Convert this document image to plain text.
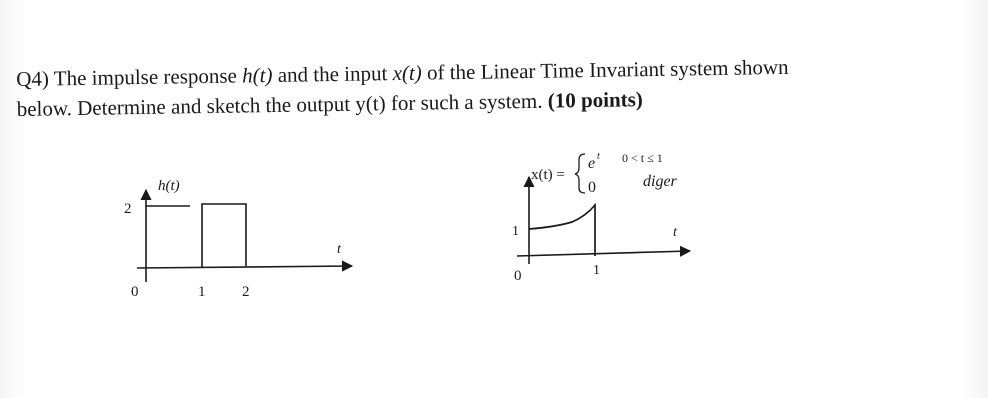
Q4) The impulse response h(t) and the input x(t) of the Linear Time Invariant system shown
below. Determine and sketch the output y(t) for such a system. (10 points)
h(t)
2
0	1 2
t
x(t) =
e t 0 < t ≤ 1
0	diger
1
0	1
t
